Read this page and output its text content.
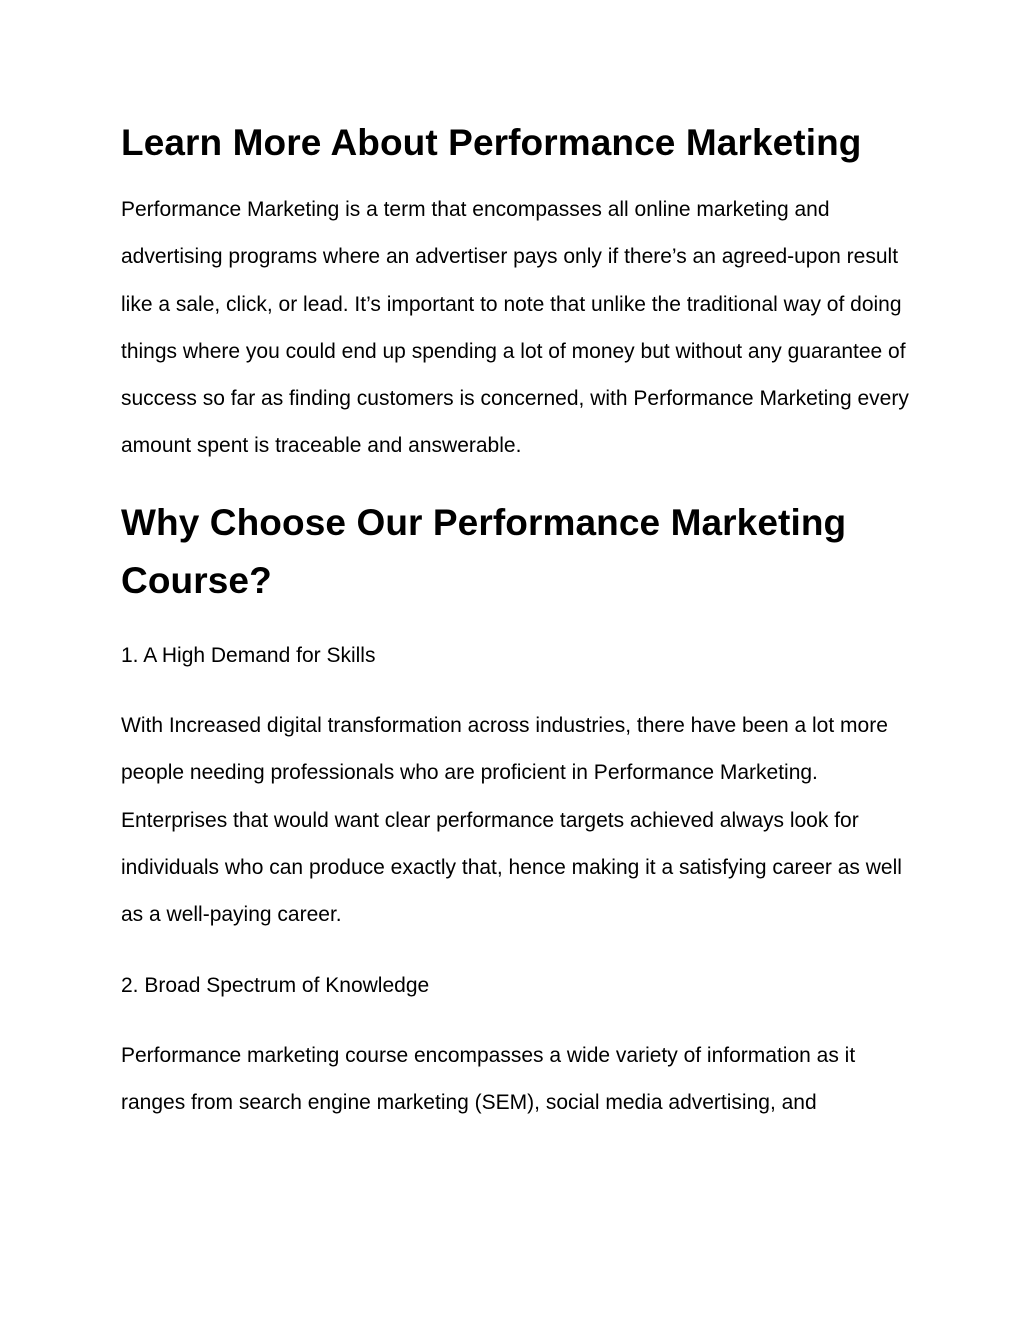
Learn More About Performance Marketing

Performance Marketing is a term that encompasses all online marketing and advertising programs where an advertiser pays only if there’s an agreed-upon result like a sale, click, or lead. It’s important to note that unlike the traditional way of doing things where you could end up spending a lot of money but without any guarantee of success so far as finding customers is concerned, with Performance Marketing every amount spent is traceable and answerable.

Why Choose Our Performance Marketing Course?

1. A High Demand for Skills

With Increased digital transformation across industries, there have been a lot more people needing professionals who are proficient in Performance Marketing. Enterprises that would want clear performance targets achieved always look for individuals who can produce exactly that, hence making it a satisfying career as well as a well-paying career.

2. Broad Spectrum of Knowledge

Performance marketing course encompasses a wide variety of information as it ranges from search engine marketing (SEM), social media advertising, and
